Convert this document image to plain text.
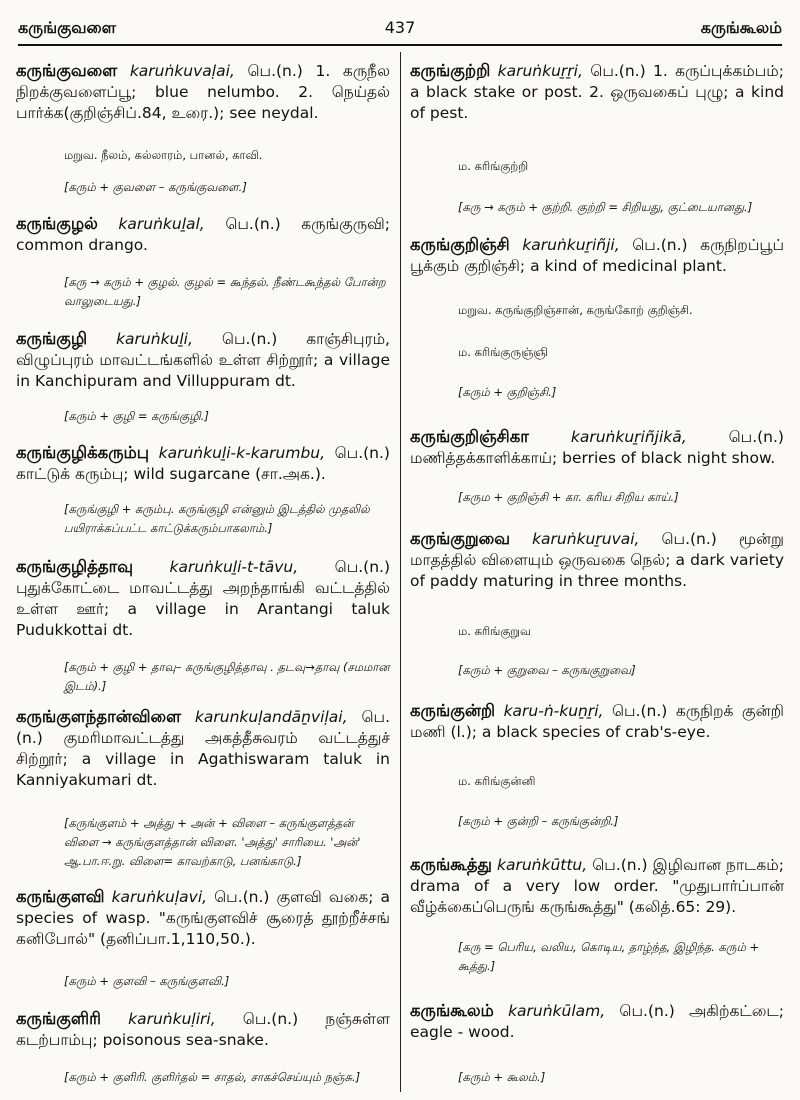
கருங்குவளை	437	கருங்கூலம்
கருங்குவளை karuṅkuvaḷai, பெ.(n.) 1. கருநீல நிறக்குவளைப்பூ; blue nelumbo. 2. நெய்தல் பார்க்க(குறிஞ்சிப்.84, உரை.); see neydal.
மறுவ. நீலம், கல்லாரம், பானல், காவி.
[கரும் + குவளை – கருங்குவளை.]
கருங்குழல் karuṅkuḻal, பெ.(n.) கருங்குருவி; common drango.
[கரு → கரும் + குழல். குழல் = கூந்தல். நீண்டகூந்தல் போன்ற வாலுடையது.]
கருங்குழி karuṅkuḻi, பெ.(n.) காஞ்சிபுரம், விழுப்புரம் மாவட்டங்களில் உள்ள சிற்றூர்; a village in Kanchipuram and Villuppuram dt.
[கரும் + குழி = கருங்குழி.]
கருங்குழிக்கரும்பு karuṅkuḻi-k-karumbu, பெ.(n.) காட்டுக் கரும்பு; wild sugarcane (சா.அக.).
[கருங்குழி + கரும்பு. கருங்குழி என்னும் இடத்தில் முதலில் பயிராக்கப்பட்ட காட்டுக்கரும்பாகலாம்.]
கருங்குழித்தாவு karuṅkuḻi-t-tāvu, பெ.(n.) புதுக்கோட்டை மாவட்டத்து அறந்தாங்கி வட்டத்தில் உள்ள ஊர்; a village in Arantangi taluk Pudukkottai dt.
[கரும் + குழி + தாவு– கருங்குழித்தாவு . தடவு→தாவு (சமமான இடம்).]
கருங்குளந்தான்விளை karunkuḷandāṉviḷai, பெ.(n.) குமரிமாவட்டத்து அகத்தீசுவரம் வட்டத்துச் சிற்றூர்; a village in Agathiswaram taluk in Kanniyakumari dt.
[கருங்குளம் + அத்து + அன் + விளை – கருங்குளத்தன் விளை → கருங்குளத்தான் விளை. 'அத்து' சாரியை. 'அன்' ஆ.பா.ஈ.று. விளை= காவற்காடு, பனங்காடு.]
கருங்குளவி karuṅkuḷavi, பெ.(n.) குளவி வகை; a species of wasp. "கருங்குளவிச் சூரைத் தூற்றீச்சங் கனிபோல்" (தனிப்பா.1,110,50.).
[கரும் + குளவி – கருங்குளவி.]
கருங்குளிரி karuṅkuḷiri, பெ.(n.) நஞ்சுள்ள கடற்பாம்பு; poisonous sea-snake.
[கரும் + குளிரி. குளிர்தல் = சாதல், சாகச்செய்யும் நஞ்சு.]
கருங்குற்றி karuṅkuṟṟi, பெ.(n.) 1. கருப்புக்கம்பம்; a black stake or post. 2. ஒருவகைப் புழு; a kind of pest.
ம. கரிங்குற்றி
[கரு → கரும் + குற்றி. குற்றி = சிறியது, குட்டையானது.]
கருங்குறிஞ்சி karuṅkuṟiñji, பெ.(n.) கருநிறப்பூப் பூக்கும் குறிஞ்சி; a kind of medicinal plant.
மறுவ. கருங்குறிஞ்சான், கருங்கோற் குறிஞ்சி.
ம. கரிங்குருஞ்ஞி
[கரும் + குறிஞ்சி.]
கருங்குறிஞ்சிகா	karuṅkuṟiñjikā,	பெ.(n.) மணித்தக்காளிக்காய்; berries of black night show.
[கரும + குறிஞ்சி + கா. கரிய சிறிய காய்.]
கருங்குறுவை karuṅkuṟuvai, பெ.(n.) மூன்று மாதத்தில் விளையும் ஒருவகை நெல்; a dark variety of paddy maturing in three months.
ம. கரிங்குறுவ
[கரும் + குறுவை – கருஙகுறுவை]
கருங்குன்றி karu-ṅ-kuṉṟi, பெ.(n.) கருநிறக் குன்றி மணி (l.); a black species of crab's-eye.
ம. கரிங்குன்னி
[கரும் + குன்றி – கருங்குன்றி.]
கருங்கூத்து karuṅkūttu, பெ.(n.) இழிவான நாடகம்; drama of a very low order. "முதுபார்ப்பான் வீழ்க்கைப்பெருங் கருங்கூத்து" (கலித்.65: 29).
[கரு = பெரிய, வலிய, கொடிய, தாழ்ந்த, இழிந்த. கரும் + கூத்து.]
கருங்கூலம் karuṅkūlam, பெ.(n.) அகிற்கட்டை; eagle - wood.
[கரும் + கூலம்.]
